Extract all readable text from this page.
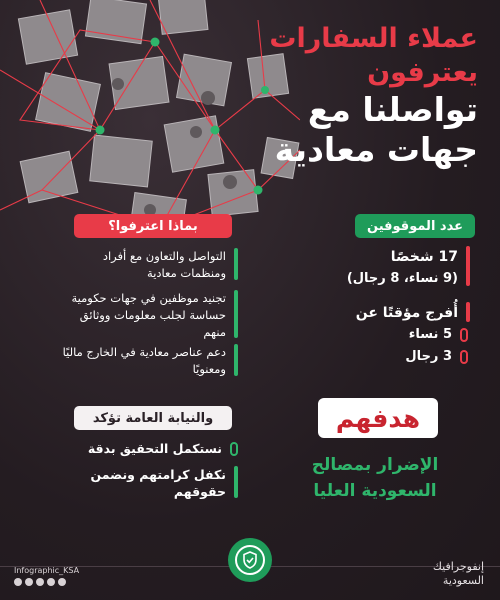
عملاء السفارات
يعترفون
تواصلنا مع
جهات معادية
عدد الموقوفين
17 شخصًا
(9 نساء، 8 رجال)
أُفرج مؤقتًا عن
5 نساء
3 رجال
بماذا اعترفوا؟
التواصل والتعاون مع أفراد ومنظمات معادية
تجنيد موظفين في جهات حكومية حساسة لجلب معلومات ووثائق منهم
دعم عناصر معادية في الخارج ماليًا ومعنويًا
والنيابة العامة تؤكد
نستكمل التحقيق بدقة
نكفل كرامتهم ونضمن حقوقهم
هدفهم
الإضرار بمصالح السعودية العليا
Infographic_KSA	إنفوجرافيك
السعودية
